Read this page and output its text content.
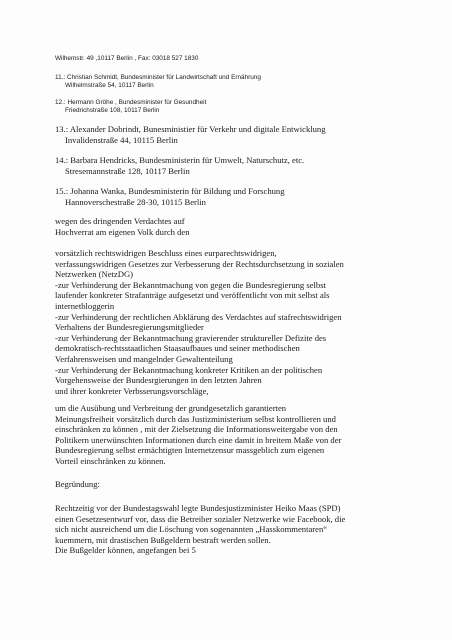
Wilhemstr. 49 ,10117 Berlin , Fax: 03018 527 1830
11.: Christian Schmidt, Bundesminister für Landwirtschaft und Ernährung
Wilhelmstraße 54, 10117 Berlin
12.: Hermann Gröhe , Bundesminister für Gesundheit
Friedrichstraße 108, 10117 Berlin
13.: Alexander Dobrindt, Bunesministier für Verkehr und digitale Entwicklung
Invalidenstraße 44, 10115 Berlin
14.: Barbara Hendricks, Bundesministerin für Umwelt, Naturschutz, etc.
Stresemannstraße 128, 10117 Berlin
15.: Johanna Wanka, Bundesministerin für Bildung und Forschung
Hannoverschestraße 28-30, 10115 Berlin
wegen des dringenden Verdachtes auf
Hochverrat am eigenen Volk durch den
vorsätzlich rechtswidrigen Beschluss eines eurparechtswidrigen,
verfassungswidrigen Gesetzes zur Verbesserung der Rechtsdurchsetzung in sozialen
Netzwerken (NetzDG)
-zur Verhinderung der Bekanntmachung von gegen die Bundesregierung selbst
laufender konkreter Strafanträge aufgesetzt und veröffentlicht von mit selbst als
internetbloggerin
-zur Verhinderung der rechtlichen Abklärung des Verdachtes auf stafrechtswidrigen
Verhaltens der Bundesregierungsmitglieder
-zur Verhinderung der Bekanntmachung gravierender struktureller Defizite des
demokratisch-rechtsstaatlichen Staasaufbaues und seiner methodischen
Verfahrensweisen und mangelnder Gewaltenteilung
-zur Verhinderung der Bekanntmachung konkreter Kritiken an der politischen
Vorgehensweise der Bundesrgierungen in den letzten Jahren
und ihrer konkreter Verbsserungsvorschläge,
um die Ausübung und Verbreitung der grundgesetzlich garantierten
Meinungsfreiheit vorsätzlich durch das Justizministerium selbst kontrollieren und
einschränken zu können , mit der Zielsetzung die Informationsweitergabe von den
Politikern unerwünschten Informationen durch eine damit in breitem Maße von der
Bundesregierung selbst ermächtigten Internetzensur massgeblich zum eigenen
Vorteil einschränken zu können.
Begründung:
Rechtzeitig vor der Bundestagswahl legte Bundesjustizminister Heiko Maas (SPD)
einen Gesetzesentwurf vor, dass die Betreiber sozialer Netzwerke wie Facebook, die
sich nicht ausreichend um die Löschung von sogenannten „Hasskommentaren“
kuemmern, mit drastischen Bußgeldern bestraft werden sollen.
Die Bußgelder können, angefangen bei 5
